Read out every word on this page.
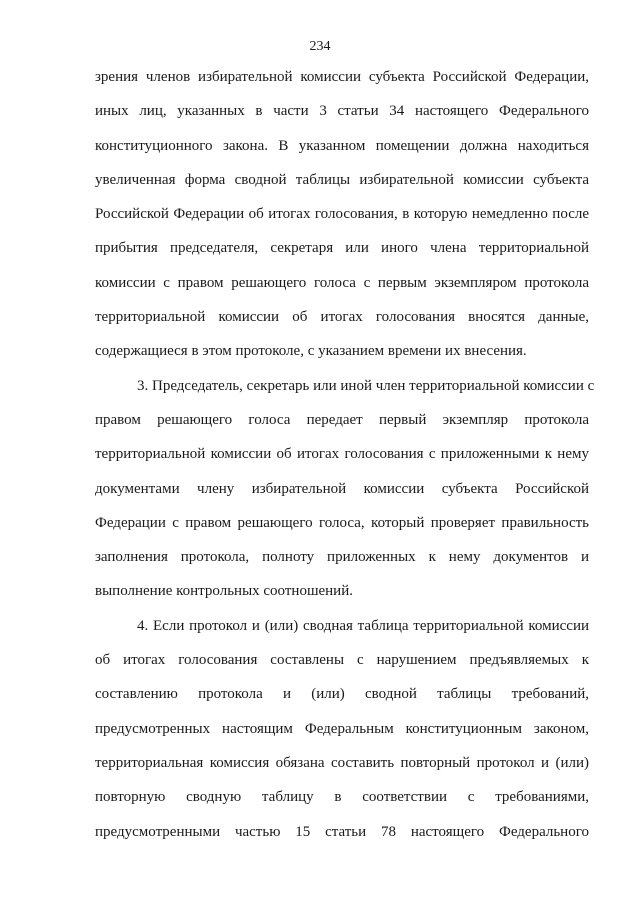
234
зрения членов избирательной комиссии субъекта Российской Федерации,
иных лиц, указанных в части 3 статьи 34 настоящего Федерального
конституционного закона. В указанном помещении должна находиться
увеличенная форма сводной таблицы избирательной комиссии субъекта
Российской Федерации об итогах голосования, в которую немедленно после
прибытия председателя, секретаря или иного члена территориальной
комиссии с правом решающего голоса с первым экземпляром протокола
территориальной комиссии об итогах голосования вносятся данные,
содержащиеся в этом протоколе, с указанием времени их внесения.
3. Председатель, секретарь или иной член территориальной комиссии с
правом решающего голоса передает первый экземпляр протокола
территориальной комиссии об итогах голосования с приложенными к нему
документами члену избирательной комиссии субъекта Российской
Федерации с правом решающего голоса, который проверяет правильность
заполнения протокола, полноту приложенных к нему документов и
выполнение контрольных соотношений.
4. Если протокол и (или) сводная таблица территориальной комиссии
об итогах голосования составлены с нарушением предъявляемых к
составлению протокола и (или) сводной таблицы требований,
предусмотренных настоящим Федеральным конституционным законом,
территориальная комиссия обязана составить повторный протокол и (или)
повторную сводную таблицу в соответствии с требованиями,
предусмотренными частью 15 статьи 78 настоящего Федерального
